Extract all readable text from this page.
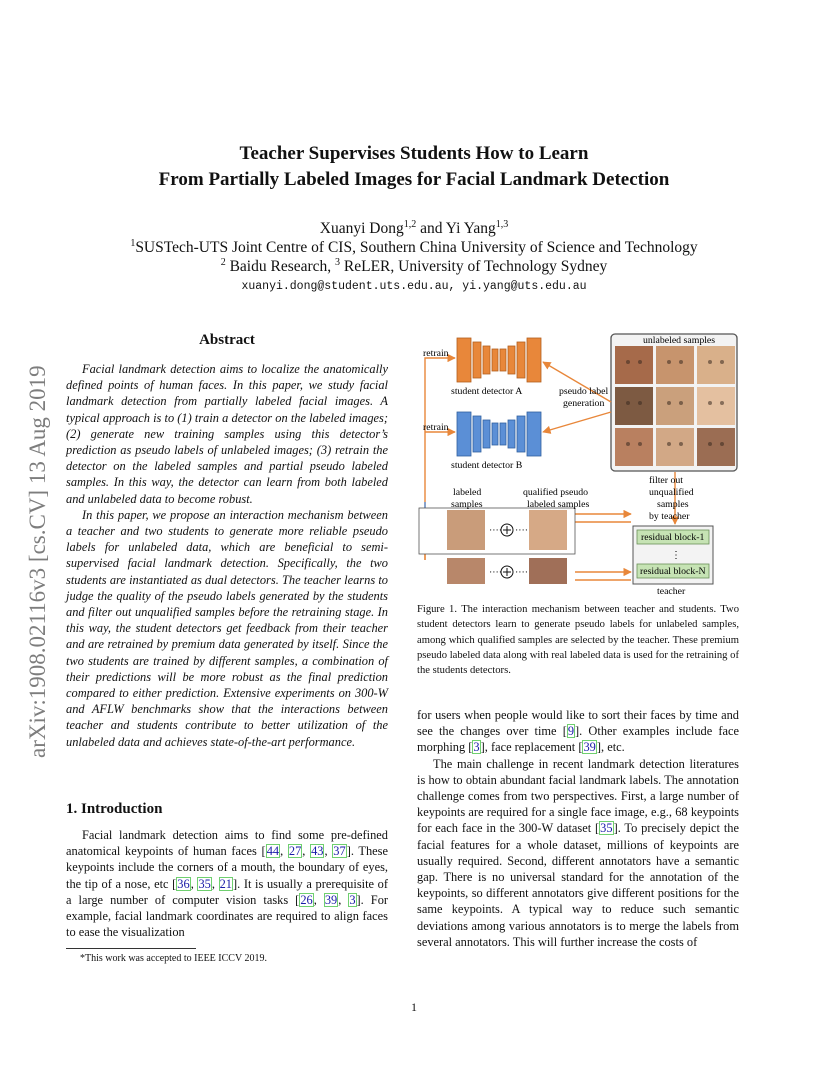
arXiv:1908.02116v3 [cs.CV] 13 Aug 2019
Teacher Supervises Students How to Learn
From Partially Labeled Images for Facial Landmark Detection
Xuanyi Dong$^{1,2}$ and Yi Yang$^{1,3}$
$^1$SUSTech-UTS Joint Centre of CIS, Southern China University of Science and Technology
$^2$ Baidu Research, $^3$ ReLER, University of Technology Sydney
xuanyi.dong@student.uts.edu.au, yi.yang@uts.edu.au
Abstract

Facial landmark detection aims to localize the anatomically defined points of human faces. In this paper, we study facial landmark detection from partially labeled facial images. A typical approach is to (1) train a detector on the labeled images; (2) generate new training samples using this detector’s prediction as pseudo labels of unlabeled images; (3) retrain the detector on the labeled samples and partial pseudo labeled samples. In this way, the detector can learn from both labeled and unlabeled data to become robust.

In this paper, we propose an interaction mechanism between a teacher and two students to generate more reliable pseudo labels for unlabeled data, which are beneficial to semi-supervised facial landmark detection. Specifically, the two students are instantiated as dual detectors. The teacher learns to judge the quality of the pseudo labels generated by the students and filter out unqualified samples before the retraining stage. In this way, the student detectors get feedback from their teacher and are retrained by premium data generated by itself. Since the two students are trained by different samples, a combination of their predictions will be more robust as the final prediction compared to either prediction. Extensive experiments on 300-W and AFLW benchmarks show that the interactions between teacher and students contribute to better utilization of the unlabeled data and achieves state-of-the-art performance.

1. Introduction

Facial landmark detection aims to find some pre-defined anatomical keypoints of human faces [44, 27, 43, 37]. These keypoints include the corners of a mouth, the boundary of eyes, the tip of a nose, etc [36, 35, 21]. It is usually a prerequisite of a large number of computer vision tasks [26, 39, 3]. For example, facial landmark coordinates are required to align faces to ease the visualization

*This work was accepted to IEEE ICCV 2019.
unlabeled samples
retrain
retrain
student detector A
student detector B
pseudo label
generation
filter out
unqualified
samples
by teacher
labeled
samples
qualified pseudo
labeled samples
residual block-1
residual block-N
⋮
teacher
···· ····
···· ····
Figure 1. The interaction mechanism between teacher and students. Two student detectors learn to generate pseudo labels for unlabeled samples, among which qualified samples are selected by the teacher. These premium pseudo labeled data along with real labeled data is used for the retraining of the students detectors.

for users when people would like to sort their faces by time and see the changes over time [9]. Other examples include face morphing [3], face replacement [39], etc.

The main challenge in recent landmark detection literatures is how to obtain abundant facial landmark labels. The annotation challenge comes from two perspectives. First, a large number of keypoints are required for a single face image, e.g., 68 keypoints for each face in the 300-W dataset [35]. To precisely depict the facial features for a whole dataset, millions of keypoints are usually required. Second, different annotators have a semantic gap. There is no universal standard for the annotation of the keypoints, so different annotators give different positions for the same keypoints. A typical way to reduce such semantic deviations among various annotators is to merge the labels from several annotators. This will further increase the costs of

1
